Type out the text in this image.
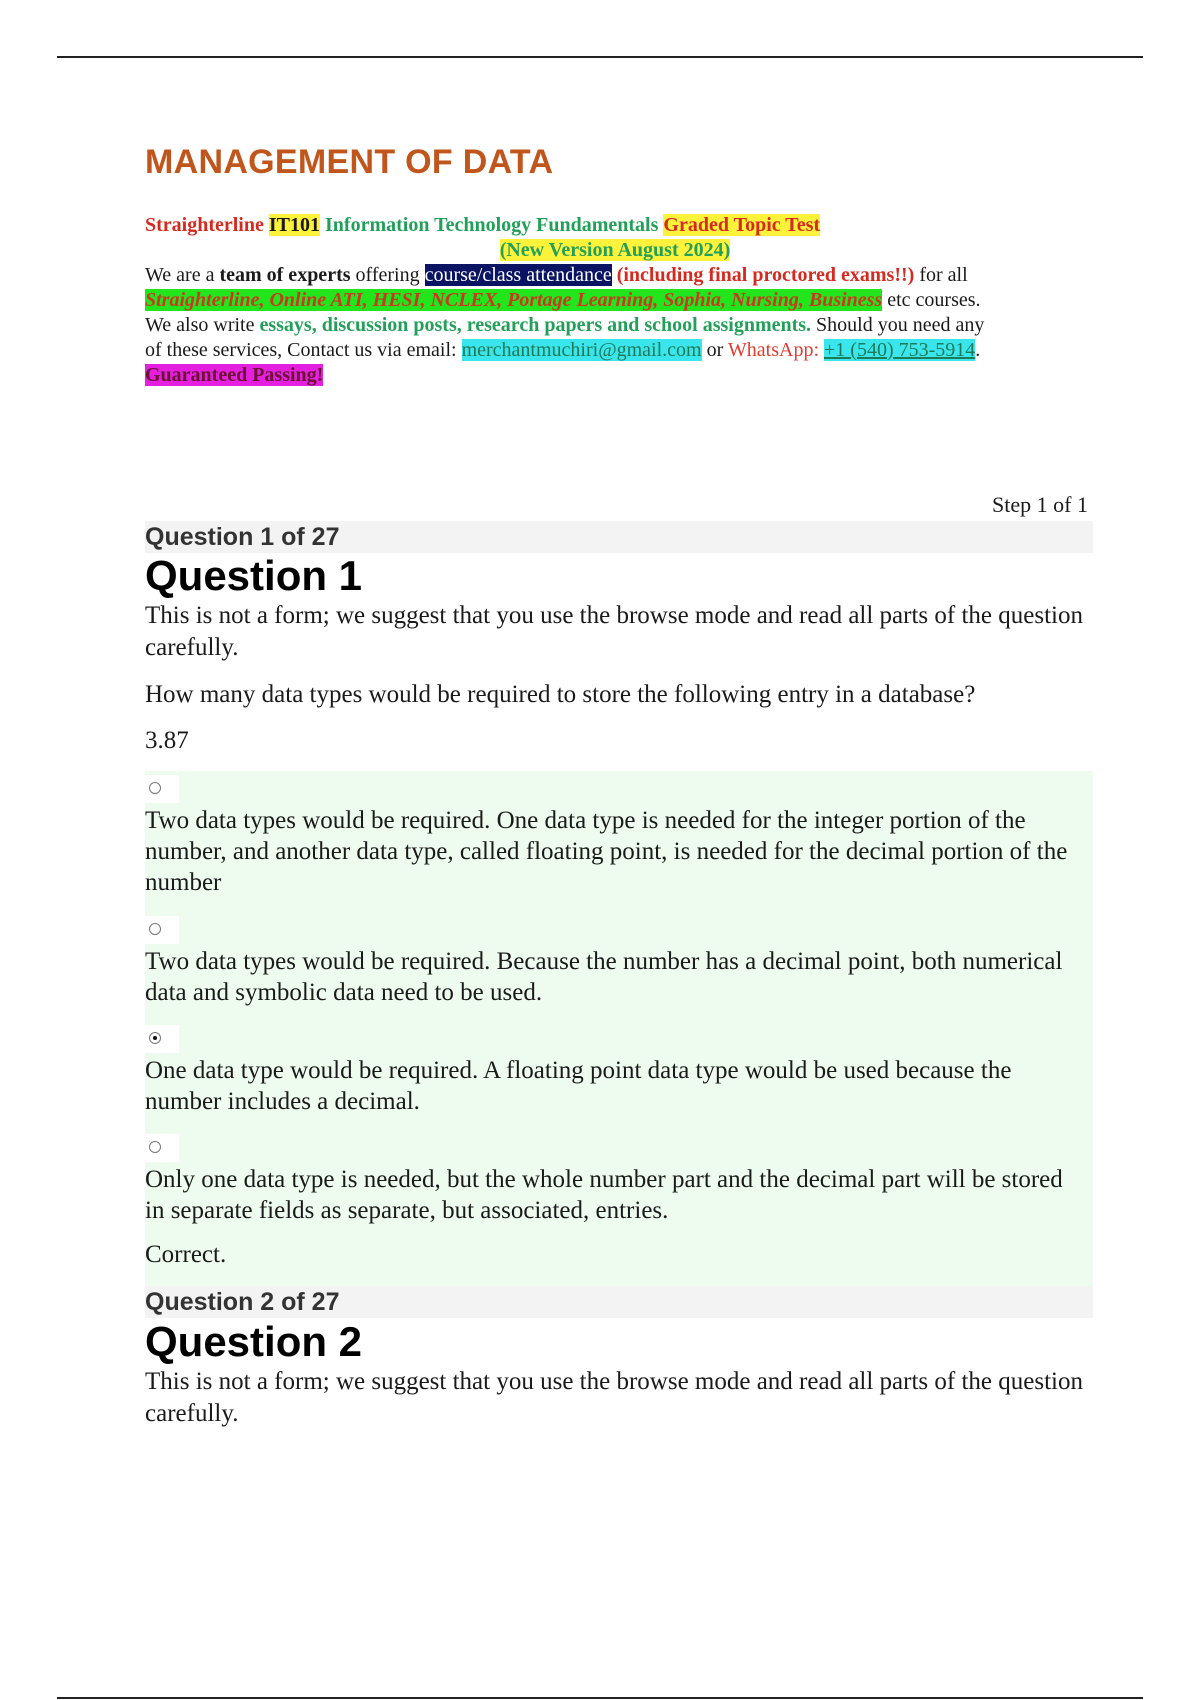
MANAGEMENT OF DATA
Straighterline IT101 Information Technology Fundamentals Graded Topic Test
(New Version August 2024)
We are a team of experts offering course/class attendance (including final proctored exams!!) for all
Straighterline, Online ATI, HESI, NCLEX, Portage Learning, Sophia, Nursing, Business etc courses.
We also write essays, discussion posts, research papers and school assignments. Should you need any
of these services, Contact us via email: merchantmuchiri@gmail.com or WhatsApp: +1 (540) 753-5914.
Guaranteed Passing!
Step 1 of 1
Question 1 of 27
Question 1

This is not a form; we suggest that you use the browse mode and read all parts of the question carefully.

How many data types would be required to store the following entry in a database?

3.87

Two data types would be required. One data type is needed for the integer portion of the number, and another data type, called floating point, is needed for the decimal portion of the number
Two data types would be required. Because the number has a decimal point, both numerical data and symbolic data need to be used.
One data type would be required. A floating point data type would be used because the number includes a decimal.
Only one data type is needed, but the whole number part and the decimal part will be stored in separate fields as separate, but associated, entries.
Correct.
Question 2 of 27
Question 2

This is not a form; we suggest that you use the browse mode and read all parts of the question carefully.
